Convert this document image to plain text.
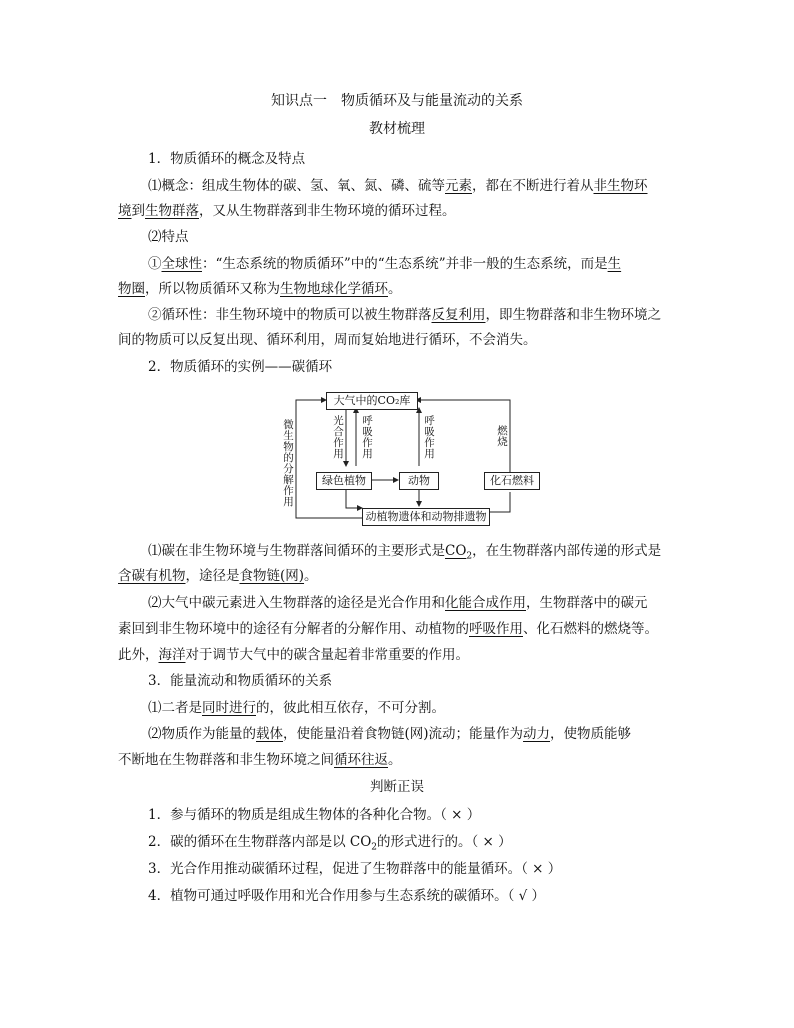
知识点一　物质循环及与能量流动的关系
教材梳理
1．物质循环的概念及特点
⑴概念：组成生物体的碳、氢、氧、氮、磷、硫等元素，都在不断进行着从非生物环
境到生物群落，又从生物群落到非生物环境的循环过程。
⑵特点
①全球性：“生态系统的物质循环”中的“生态系统”并非一般的生态系统，而是生
物圈，所以物质循环又称为生物地球化学循环。
②循环性：非生物环境中的物质可以被生物群落反复利用，即生物群落和非生物环境之
间的物质可以反复出现、循环利用，周而复始地进行循环，不会消失。
2．物质循环的实例——碳循环
大气中的CO₂库
绿色植物	动物	化石燃料
动植物遗体和动物排遗物
微生物的分解作用
光合作用
呼吸作用
呼吸作用
燃烧
⑴碳在非生物环境与生物群落间循环的主要形式是$CO_2$，在生物群落内部传递的形式是
含碳有机物，途径是食物链(网)。
⑵大气中碳元素进入生物群落的途径是光合作用和化能合成作用，生物群落中的碳元
素回到非生物环境中的途径有分解者的分解作用、动植物的呼吸作用、化石燃料的燃烧等。
此外，海洋对于调节大气中的碳含量起着非常重要的作用。
3．能量流动和物质循环的关系
⑴二者是同时进行的，彼此相互依存，不可分割。
⑵物质作为能量的载体，使能量沿着食物链(网)流动；能量作为动力，使物质能够
不断地在生物群落和非生物环境之间循环往返。
判断正误
1．参与循环的物质是组成生物体的各种化合物。（ × ）
2．碳的循环在生物群落内部是以 $CO_2$的形式进行的。（ × ）
3．光合作用推动碳循环过程，促进了生物群落中的能量循环。（ × ）
4．植物可通过呼吸作用和光合作用参与生态系统的碳循环。（ √ ）
